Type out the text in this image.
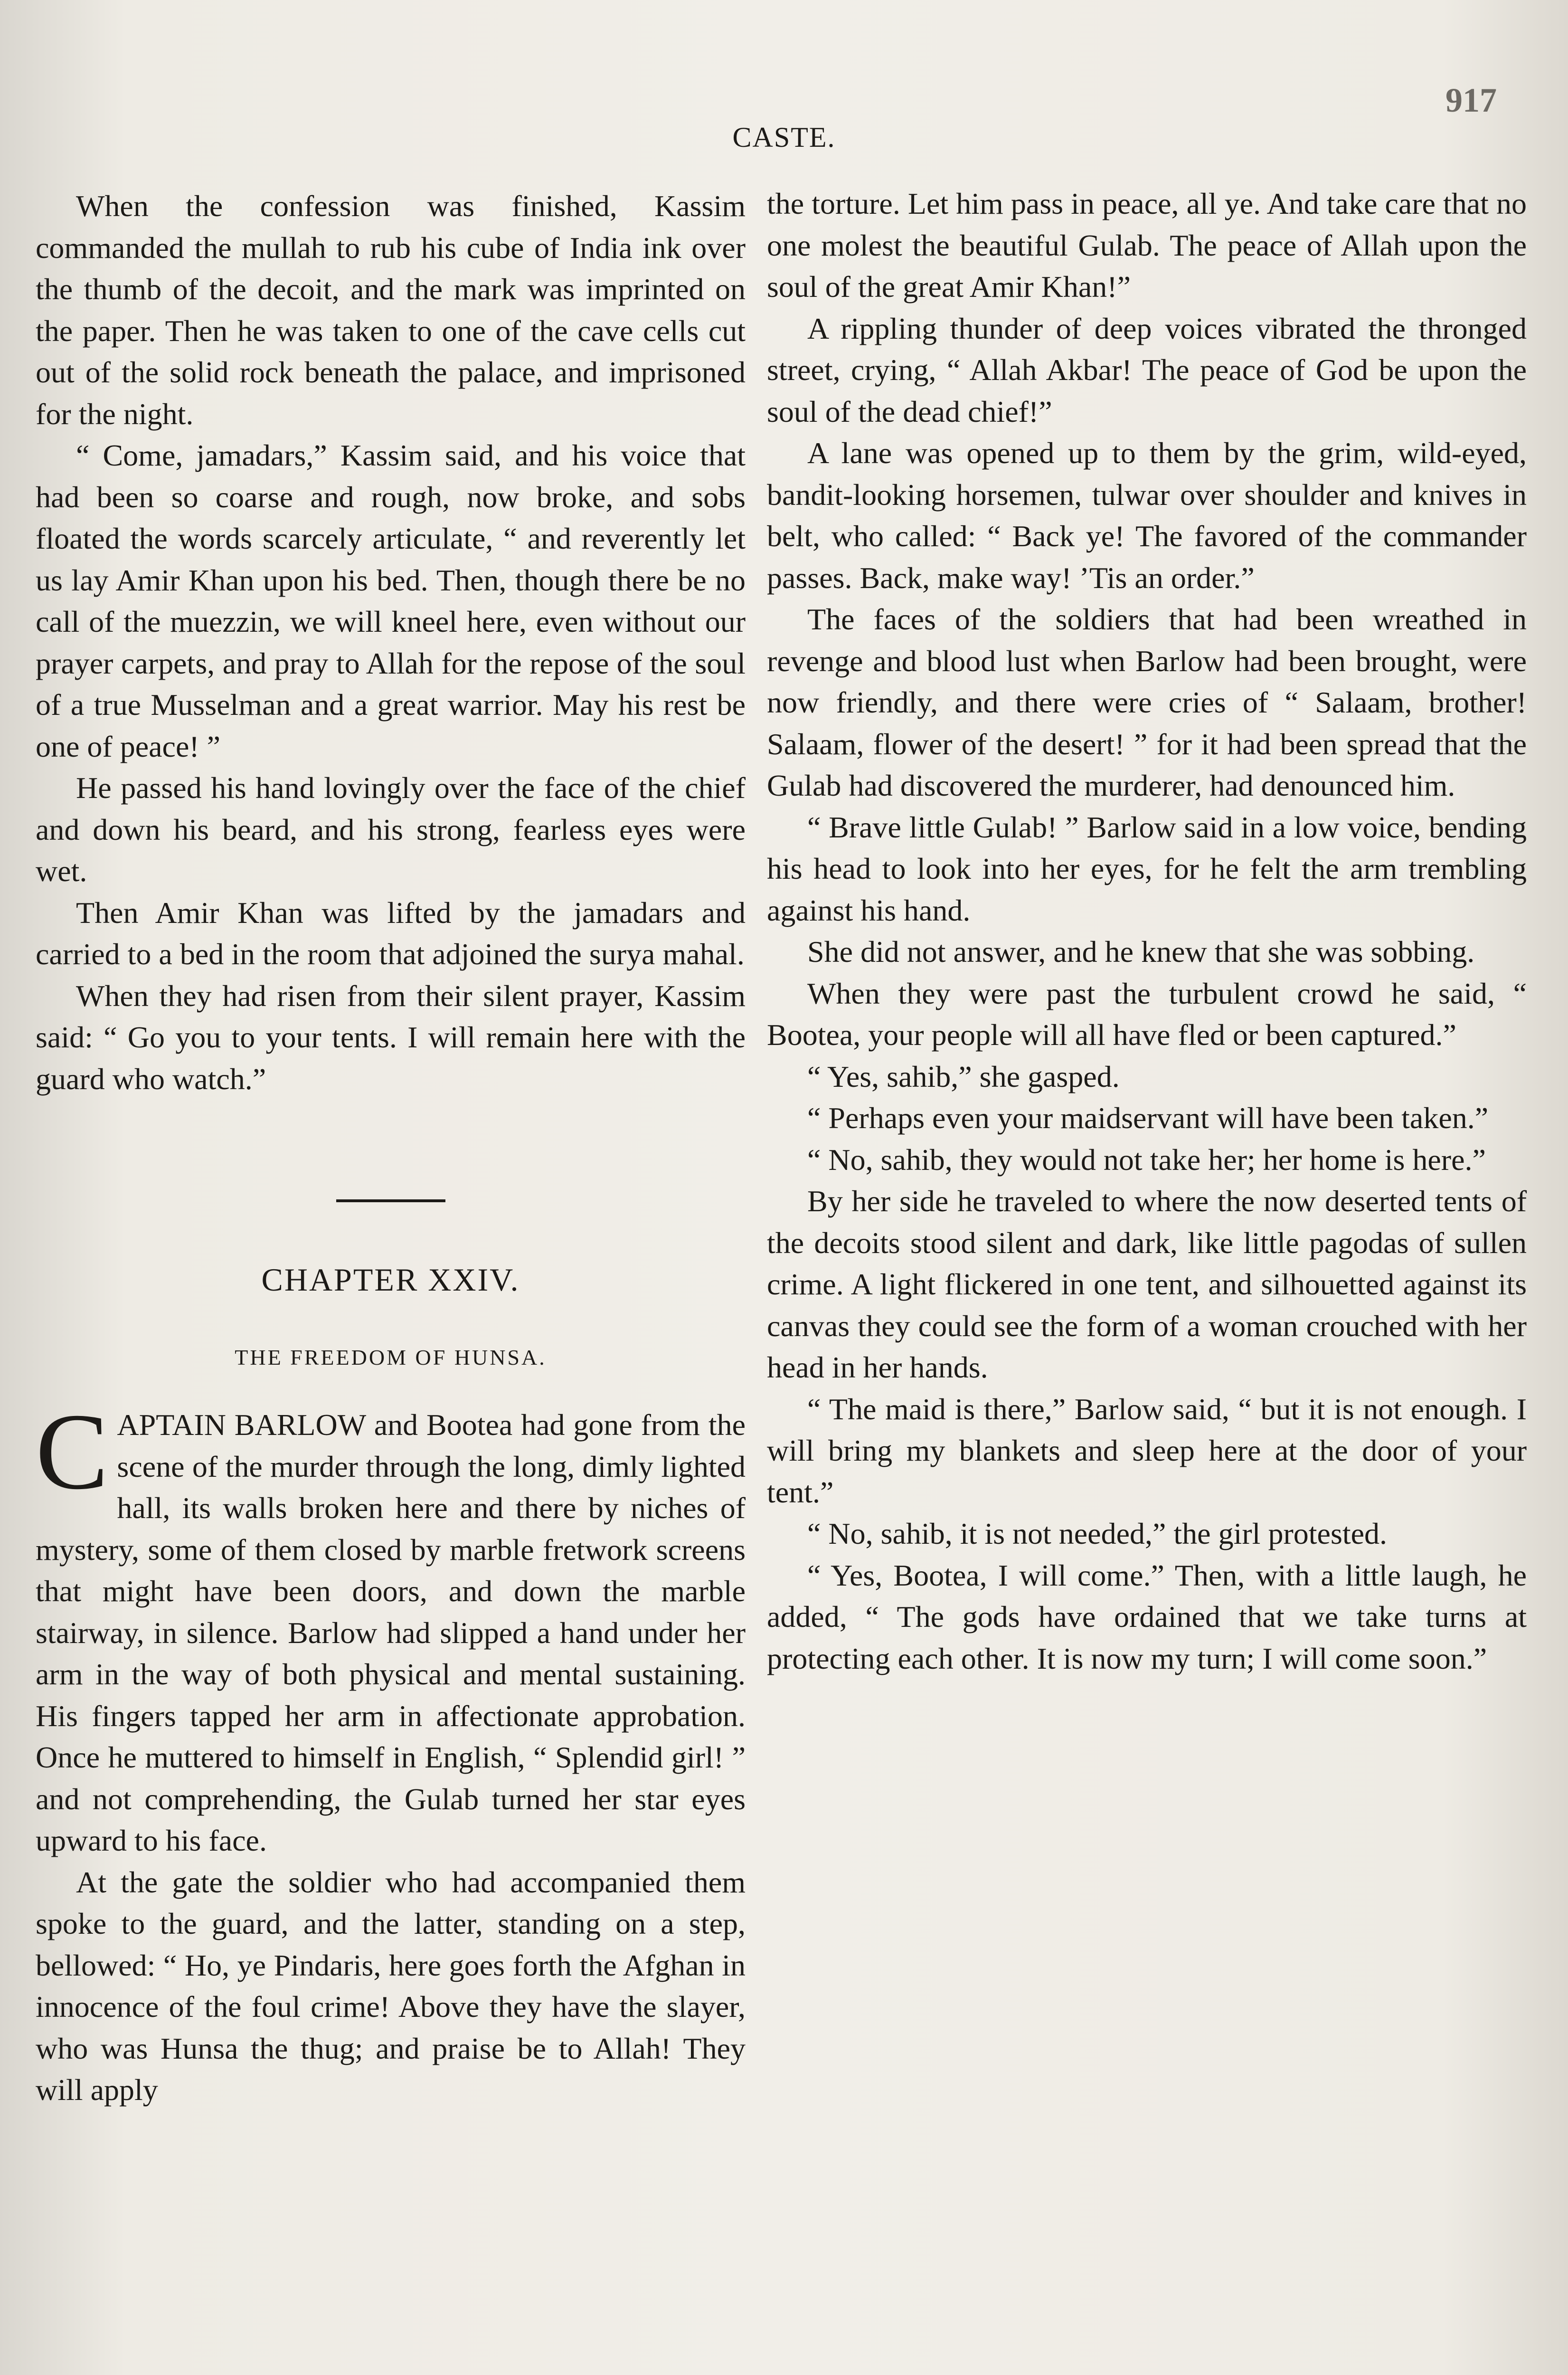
917
CASTE.

When the confession was finished, Kassim commanded the mullah to rub his cube of India ink over the thumb of the decoit, and the mark was imprinted on the paper. Then he was taken to one of the cave cells cut out of the solid rock beneath the palace, and imprisoned for the night.

“ Come, jamadars,” Kassim said, and his voice that had been so coarse and rough, now broke, and sobs floated the words scarcely articulate, “ and reverently let us lay Amir Khan upon his bed. Then, though there be no call of the muezzin, we will kneel here, even without our prayer carpets, and pray to Allah for the repose of the soul of a true Musselman and a great warrior. May his rest be one of peace! ”

He passed his hand lovingly over the face of the chief and down his beard, and his strong, fearless eyes were wet.

Then Amir Khan was lifted by the jamadars and carried to a bed in the room that adjoined the surya mahal.

When they had risen from their silent prayer, Kassim said: “ Go you to your tents. I will remain here with the guard who watch.”

CHAPTER XXIV.
THE FREEDOM OF HUNSA.

CAPTAIN BARLOW and Bootea had gone from the scene of the murder through the long, dimly lighted hall, its walls broken here and there by niches of mystery, some of them closed by marble fretwork screens that might have been doors, and down the marble stairway, in silence. Barlow had slipped a hand under her arm in the way of both physical and mental sustaining. His fingers tapped her arm in affectionate approbation. Once he muttered to himself in English, “ Splendid girl! ” and not comprehending, the Gulab turned her star eyes upward to his face.

At the gate the soldier who had accompanied them spoke to the guard, and the latter, standing on a step, bellowed: “ Ho, ye Pindaris, here goes forth the Afghan in innocence of the foul crime! Above they have the slayer, who was Hunsa the thug; and praise be to Allah! They will apply

the torture. Let him pass in peace, all ye. And take care that no one molest the beautiful Gulab. The peace of Allah upon the soul of the great Amir Khan!”

A rippling thunder of deep voices vibrated the thronged street, crying, “ Allah Akbar! The peace of God be upon the soul of the dead chief!”

A lane was opened up to them by the grim, wild-eyed, bandit-looking horsemen, tulwar over shoulder and knives in belt, who called: “ Back ye! The favored of the commander passes. Back, make way! ’Tis an order.”

The faces of the soldiers that had been wreathed in revenge and blood lust when Barlow had been brought, were now friendly, and there were cries of “ Salaam, brother! Salaam, flower of the desert! ” for it had been spread that the Gulab had discovered the murderer, had denounced him.

“ Brave little Gulab! ” Barlow said in a low voice, bending his head to look into her eyes, for he felt the arm trembling against his hand.

She did not answer, and he knew that she was sobbing.

When they were past the turbulent crowd he said, “ Bootea, your people will all have fled or been captured.”

“ Yes, sahib,” she gasped.

“ Perhaps even your maidservant will have been taken.”

“ No, sahib, they would not take her; her home is here.”

By her side he traveled to where the now deserted tents of the decoits stood silent and dark, like little pagodas of sullen crime. A light flickered in one tent, and silhouetted against its canvas they could see the form of a woman crouched with her head in her hands.

“ The maid is there,” Barlow said, “ but it is not enough. I will bring my blankets and sleep here at the door of your tent.”

“ No, sahib, it is not needed,” the girl protested.

“ Yes, Bootea, I will come.” Then, with a little laugh, he added, “ The gods have ordained that we take turns at protecting each other. It is now my turn; I will come soon.”
